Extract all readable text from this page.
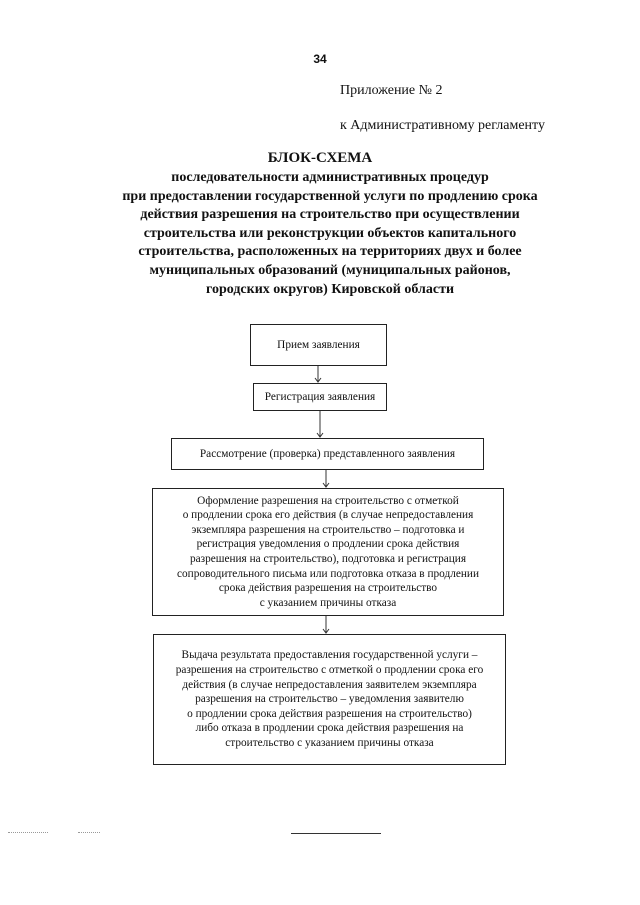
34
Приложение № 2
к Административному регламенту
БЛОК-СХЕМА
последовательности административных процедур
при предоставлении государственной услуги по продлению срока
действия разрешения на строительство при осуществлении
строительства или реконструкции объектов капитального
строительства, расположенных на территориях двух и более
муниципальных образований (муниципальных районов,
городских округов) Кировской области
Прием заявления
Регистрация заявления
Рассмотрение (проверка) представленного заявления
Оформление разрешения на строительство с отметкой
о продлении срока его действия (в случае непредоставления
экземпляра разрешения на строительство – подготовка и
регистрация уведомления о продлении срока действия
разрешения на строительство), подготовка и регистрация
сопроводительного письма или подготовка отказа в продлении
срока действия разрешения на строительство
с указанием причины отказа
Выдача результата предоставления государственной услуги –
разрешения на строительство с отметкой о продлении срока его
действия (в случае непредоставления заявителем экземпляра
разрешения на строительство – уведомления заявителю
о продлении срока действия разрешения на строительство)
либо отказа в продлении срока действия разрешения на
строительство с указанием причины отказа
